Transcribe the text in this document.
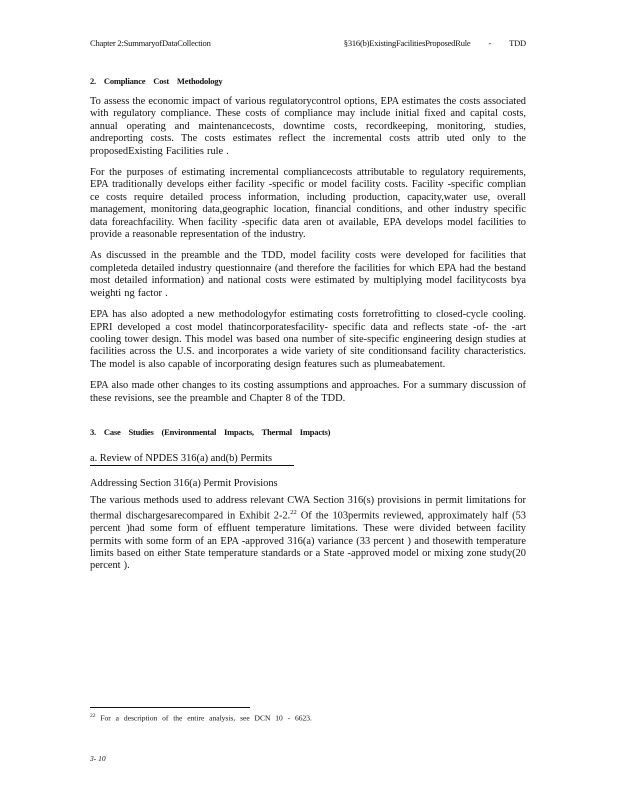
Chapter 2:SummaryofDataCollection	§316(b)ExistingFacilitiesProposedRule - TDD
2. Compliance Cost Methodology

To assess the economic impact of various regulatorycontrol options, EPA estimates the costs associated with regulatory compliance. These costs of compliance may include initial fixed and capital costs, annual operating and maintenancecosts, downtime costs, recordkeeping, monitoring, studies, andreporting costs. The costs estimates reflect the incremental costs attrib uted only to the proposedExisting Facilities rule .

For the purposes of estimating incremental compliancecosts attributable to regulatory requirements, EPA traditionally develops either facility -specific or model facility costs. Facility -specific complian ce costs require detailed process information, including production, capacity,water use, overall management, monitoring data,geographic location, financial conditions, and other industry specific data foreachfacility. When facility -specific data aren ot available, EPA develops model facilities to provide a reasonable representation of the industry.

As discussed in the preamble and the TDD, model facility costs were developed for facilities that completeda detailed industry questionnaire (and therefore the facilities for which EPA had the bestand most detailed information) and national costs were estimated by multiplying model facilitycosts bya weighti ng factor .

EPA has also adopted a new methodologyfor estimating costs forretrofitting to closed-cycle cooling. EPRI developed a cost model thatincorporatesfacility- specific data and reflects state -of- the -art cooling tower design. This model was based ona number of site-specific engineering design studies at facilities across the U.S. and incorporates a wide variety of site conditionsand facility characteristics. The model is also capable of incorporating design features such as plumeabatement.

EPA also made other changes to its costing assumptions and approaches. For a summary discussion of these revisions, see the preamble and Chapter 8 of the TDD.

3. Case Studies (Environmental Impacts, Thermal Impacts)
a. Review of NPDES 316(a) and(b) Permits
Addressing Section 316(a) Permit Provisions

The various methods used to address relevant CWA Section 316(s) provisions in permit limitations for thermal dischargesarecompared in Exhibit 2-2.22 Of the 103permits reviewed, approximately half (53 percent )had some form of effluent temperature limitations. These were divided between facility permits with some form of an EPA -approved 316(a) variance (33 percent ) and thosewith temperature limits based on either State temperature standards or a State -approved model or mixing zone study(20 percent ).

$^{22}$ For a description of the entire analysis, see DCN 10 - 6623.
3- 10
